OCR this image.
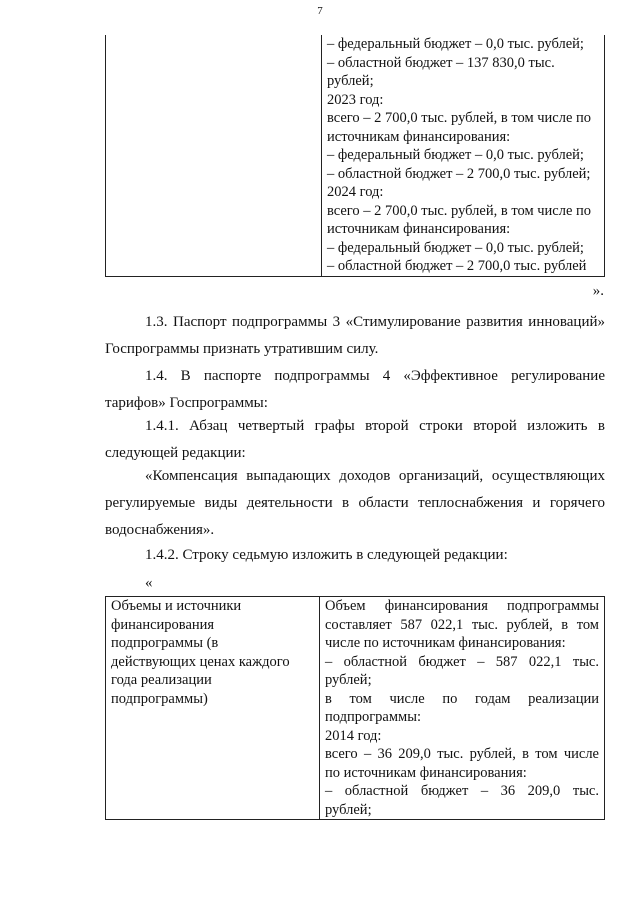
7

– федеральный бюджет – 0,0 тыс. рублей;
– областной бюджет – 137 830,0 тыс.
рублей;
2023 год:
всего – 2 700,0 тыс. рублей, в том числе по
источникам финансирования:
– федеральный бюджет – 0,0 тыс. рублей;
– областной бюджет – 2 700,0 тыс. рублей;
2024 год:
всего – 2 700,0 тыс. рублей, в том числе по
источникам финансирования:
– федеральный бюджет – 0,0 тыс. рублей;
– областной бюджет – 2 700,0 тыс. рублей
».
1.3. Паспорт подпрограммы 3 «Стимулирование развития инноваций»
Госпрограммы признать утратившим силу.
1.4. В паспорте подпрограммы 4 «Эффективное регулирование
тарифов» Госпрограммы:
1.4.1. Абзац четвертый графы второй строки второй изложить в
следующей редакции:
«Компенсация выпадающих доходов организаций, осуществляющих
регулируемые виды деятельности в области теплоснабжения и горячего
водоснабжения».
1.4.2. Строку седьмую изложить в следующей редакции:
«
Объемы и источники
финансирования
подпрограммы (в
действующих ценах каждого
года реализации
подпрограммы)

Объем финансирования подпрограммы
составляет 587 022,1 тыс. рублей, в том
числе по источникам финансирования:
– областной бюджет – 587 022,1 тыс.
рублей;
в том числе по годам реализации
подпрограммы:
2014 год:
всего – 36 209,0 тыс. рублей, в том числе
по источникам финансирования:
– областной бюджет – 36 209,0 тыс.
рублей;
